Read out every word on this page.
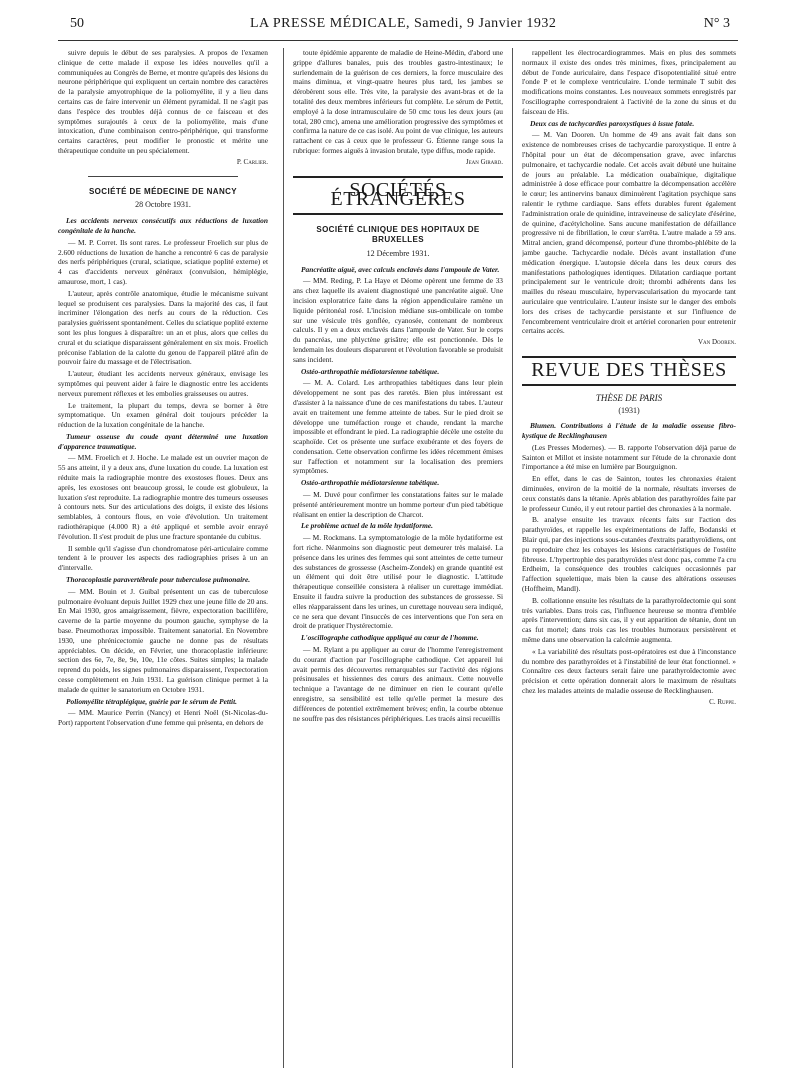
50	LA PRESSE MÉDICALE, Samedi, 9 Janvier 1932	N° 3

suivre depuis le début de ses paralysies. A propos de l'examen clinique de cette malade il expose les idées nouvelles qu'il a communiquées au Congrès de Berne, et montre qu'après des lésions du neurone périphérique qui expliquent un certain nombre des caractères de la paralysie amyotrophique de la poliomyélite, il y a lieu dans certains cas de faire intervenir un élément pyramidal. Il ne s'agit pas dans l'espèce des troubles déjà connus de ce faisceau et des symptômes surajoutés à ceux de la poliomyélite, mais d'une intoxication, d'une combinaison centro-périphérique, qui transforme certains caractères, peut modifier le pronostic et mérite une thérapeutique conduite un peu spécialement.

P. Carlier.
SOCIÉTÉ DE MÉDECINE DE NANCY
28 Octobre 1931.

Les accidents nerveux consécutifs aux réductions de luxation congénitale de la hanche.

— M. P. Corret. Ils sont rares. Le professeur Froelich sur plus de 2.600 réductions de luxation de hanche a rencontré 6 cas de paralysie des nerfs périphériques (crural, sciatique, sciatique poplité externe) et 4 cas d'accidents nerveux généraux (convulsion, hémiplégie, amaurose, mort, 1 cas).

L'auteur, après contrôle anatomique, étudie le mécanisme suivant lequel se produisent ces paralysies. Dans la majorité des cas, il faut incriminer l'élongation des nerfs au cours de la réduction. Ces paralysies guérissent spontanément. Celles du sciatique poplité externe sont les plus longues à disparaître: un an et plus, alors que celles du crural et du sciatique disparaissent généralement en six mois. Froelich préconise l'ablation de la calotte du genou de l'appareil plâtré afin de pouvoir faire du massage et de l'électrisation.

L'auteur, étudiant les accidents nerveux généraux, envisage les symptômes qui peuvent aider à faire le diagnostic entre les accidents nerveux purement réflexes et les embolies graisseuses ou autres.

Le traitement, la plupart du temps, devra se borner à être symptomatique. Un examen général doit toujours précéder la réduction de la luxation congénitale de la hanche.

Tumeur osseuse du coude ayant déterminé une luxation d'apparence traumatique.

— MM. Froelich et J. Hoche. Le malade est un ouvrier maçon de 55 ans atteint, il y a deux ans, d'une luxation du coude. La luxation est réduite mais la radiographie montre des exostoses floues. Deux ans après, les exostoses ont beaucoup grossi, le coude est globuleux, la luxation s'est reproduite. La radiographie montre des tumeurs osseuses à contours nets. Sur des articulations des doigts, il existe des lésions semblables, à contours flous, en voie d'évolution. Un traitement radiothérapique (4.000 R) a été appliqué et semble avoir enrayé l'évolution. Il s'est produit de plus une fracture spontanée du cubitus.

Il semble qu'il s'agisse d'un chondromatose péri-articulaire comme tendent à le prouver les aspects des radiographies prises à un an d'intervalle.

Thoracoplastie paravertébrale pour tuberculose pulmonaire.

— MM. Bouin et J. Guibal présentent un cas de tuberculose pulmonaire évoluant depuis Juillet 1929 chez une jeune fille de 20 ans. En Mai 1930, gros amaigrissement, fièvre, expectoration bacillifère, caverne de la partie moyenne du poumon gauche, symphyse de la base. Pneumothorax impossible. Traitement sanatorial. En Novembre 1930, une phrénicectomie gauche ne donne pas de résultats appréciables. On décide, en Février, une thoracoplastie inférieure: section des 6e, 7e, 8e, 9e, 10e, 11e côtes. Suites simples; la malade reprend du poids, les signes pulmonaires disparaissent, l'expectoration cesse complètement en Juin 1931. La guérison clinique permet à la malade de quitter le sanatorium en Octobre 1931.

Poliomyélite tétraplégique, guérie par le sérum de Pettit.

— MM. Maurice Perrin (Nancy) et Henri Noël (St-Nicolas-du-Port) rapportent l'observation d'une femme qui présenta, en dehors de

toute épidémie apparente de maladie de Heine-Médin, d'abord une grippe d'allures banales, puis des troubles gastro-intestinaux; le surlendemain de la guérison de ces derniers, la force musculaire des mains diminua, et vingt-quatre heures plus tard, les jambes se dérobèrent sous elle. Très vite, la paralysie des avant-bras et de la totalité des deux membres inférieurs fut complète. Le sérum de Pettit, employé à la dose intramusculaire de 50 cmc tous les deux jours (au total, 280 cmc), amena une amélioration progressive des symptômes et confirma la nature de ce cas isolé. Au point de vue clinique, les auteurs rattachent ce cas à ceux que le professeur G. Étienne range sous la rubrique: formes aiguës à invasion brutale, type diffus, mode rapide.

Jean Girard.
SOCIÉTÉS ÉTRANGÈRES
SOCIÉTÉ CLINIQUE DES HOPITAUX DE BRUXELLES
12 Décembre 1931.

Pancréatite aiguë, avec calculs enclavés dans l'ampoule de Vater.

— MM. Reding, P. La Haye et Déome opèrent une femme de 33 ans chez laquelle ils avaient diagnostiqué une pancréatite aiguë. Une incision exploratrice faite dans la région appendiculaire ramène un liquide péritonéal rosé. L'incision médiane sus-ombilicale on tombe sur une vésicule très gonflée, cyanosée, contenant de nombreux calculs. Il y en a deux enclavés dans l'ampoule de Vater. Sur le corps du pancréas, une phlyctène grisâtre; elle est ponctionnée. Dès le lendemain les douleurs disparurent et l'évolution favorable se produisit sans incident.

Ostéo-arthropathie médiotarsienne tabétique.

— M. A. Colard. Les arthropathies tabétiques dans leur plein développement ne sont pas des raretés. Bien plus intéressant est d'assister à la naissance d'une de ces manifestations du tabes. L'auteur avait en traitement une femme atteinte de tabes. Sur le pied droit se développe une tuméfaction rouge et chaude, rendant la marche impossible et effondrant le pied. La radiographie décèle une osteïte du scaphoïde. Cet os présente une surface exubérante et des foyers de condensation. Cette observation confirme les idées récemment émises sur l'affection et notamment sur la localisation des premiers symptômes.

Ostéo-arthropathie médiotarsienne tabétique.

— M. Duvé pour confirmer les constatations faites sur le malade présenté antérieurement montre un homme porteur d'un pied tabétique réalisant en entier la description de Charcot.

Le problème actuel de la môle hydatiforme.

— M. Rockmans. La symptomatologie de la môle hydatiforme est fort riche. Néanmoins son diagnostic peut demeurer très malaisé. La présence dans les urines des femmes qui sont atteintes de cette tumeur des substances de grossesse (Ascheim-Zondek) en grande quantité est un élément qui doit être utilisé pour le diagnostic. L'attitude thérapeutique conseillée consistera à réaliser un curettage immédiat. Ensuite il faudra suivre la production des substances de grossesse. Si elles réapparaissent dans les urines, un curettage nouveau sera indiqué, ce ne sera que devant l'insuccès de ces interventions que l'on sera en droit de pratiquer l'hystérectomie.

L'oscillographe cathodique appliqué au cœur de l'homme.

— M. Rylant a pu appliquer au cœur de l'homme l'enregistrement du courant d'action par l'oscillographe cathodique. Cet appareil lui avait permis des découvertes remarquables sur l'activité des régions présinusales et hissiennes des cœurs des animaux. Cette nouvelle technique a l'avantage de ne diminuer en rien le courant qu'elle enregistre, sa sensibilité est telle qu'elle permet la mesure des différences de potentiel extrêmement brèves; enfin, la courbe obtenue ne souffre pas des résistances périphériques. Les tracés ainsi recueillis

rappellent les électrocardiogrammes. Mais en plus des sommets normaux il existe des ondes très minimes, fixes, principalement au début de l'onde auriculaire, dans l'espace d'isopotentialité situé entre l'onde P et le complexe ventriculaire. L'onde terminale T subit des modifications moins constantes. Les nouveaux sommets enregistrés par l'oscillographe correspondraient à l'activité de la zone du sinus et du faisceau de His.

Deux cas de tachycardies paroxystiques à issue fatale.

— M. Van Dooren. Un homme de 49 ans avait fait dans son existence de nombreuses crises de tachycardie paroxystique. Il entre à l'hôpital pour un état de décompensation grave, avec infarctus pulmonaire, et tachycardie nodale. Cet accès avait débuté une huitaine de jours au préalable. La médication ouabaïnique, digitalique administrée à dose efficace pour combattre la décompensation accélère le cœur; les antinervins banaux diminuèrent l'agitation psychique sans ralentir le rythme cardiaque. Sans effets durables furent également l'administration orale de quinidine, intraveineuse de salicylate d'ésérine, de quinine, d'acétylcholine. Sans aucune manifestation de défaillance progressive ni de fibrillation, le cœur s'arrêta. L'autre malade a 59 ans. Mitral ancien, grand décompensé, porteur d'une thrombo-phlébite de la jambe gauche. Tachycardie nodale. Décès avant installation d'une médication énergique. L'autopsie décela dans les deux cœurs des manifestations pathologiques identiques. Dilatation cardiaque portant principalement sur le ventricule droit; thrombi adhérents dans les mailles du réseau musculaire, hypervascularisation du myocarde tant auriculaire que ventriculaire. L'auteur insiste sur le danger des embols lors des crises de tachycardie persistante et sur l'influence de l'encombrement ventriculaire droit et artériel coronarien pour entretenir certains accès.

Van Dooren.
REVUE DES THÈSES
THÈSE DE PARIS
(1931)

Blumen. Contributions à l'étude de la maladie osseuse fibro-kystique de Recklinghausen

(Les Presses Modernes). — B. rapporte l'observation déjà parue de Sainton et Millot et insiste notamment sur l'étude de la chronaxie dont l'importance a été mise en lumière par Bourguignon.

En effet, dans le cas de Sainton, toutes les chronaxies étaient diminuées, environ de la moitié de la normale, résultats inverses de ceux constatés dans la tétanie. Après ablation des parathyroïdes faite par le professeur Cunéo, il y eut retour partiel des chronaxies à la normale.

B. analyse ensuite les travaux récents faits sur l'action des parathyroïdes, et rappelle les expérimentations de Jaffe, Bodanski et Blair qui, par des injections sous-cutanées d'extraits parathyroïdiens, ont pu reproduire chez les cobayes les lésions caractéristiques de l'ostéite fibreuse. L'hypertrophie des parathyroïdes n'est donc pas, comme l'a cru Erdheim, la conséquence des troubles calciques occasionnés par l'affection squelettique, mais bien la cause des altérations osseuses (Hoffheim, Mandl).

B. collationne ensuite les résultats de la parathyroïdectomie qui sont très variables. Dans trois cas, l'influence heureuse se montra d'emblée après l'intervention; dans six cas, il y eut apparition de tétanie, dont un cas fut mortel; dans trois cas les troubles humoraux persistèrent et même dans une observation la calcémie augmenta.

« La variabilité des résultats post-opératoires est due à l'inconstance du nombre des parathyroïdes et à l'instabilité de leur état fonctionnel. » Connaître ces deux facteurs serait faire une parathyroïdectomie avec précision et cette opération donnerait alors le maximum de résultats chez les malades atteints de maladie osseuse de Recklinghausen.

C. Ruppe.
